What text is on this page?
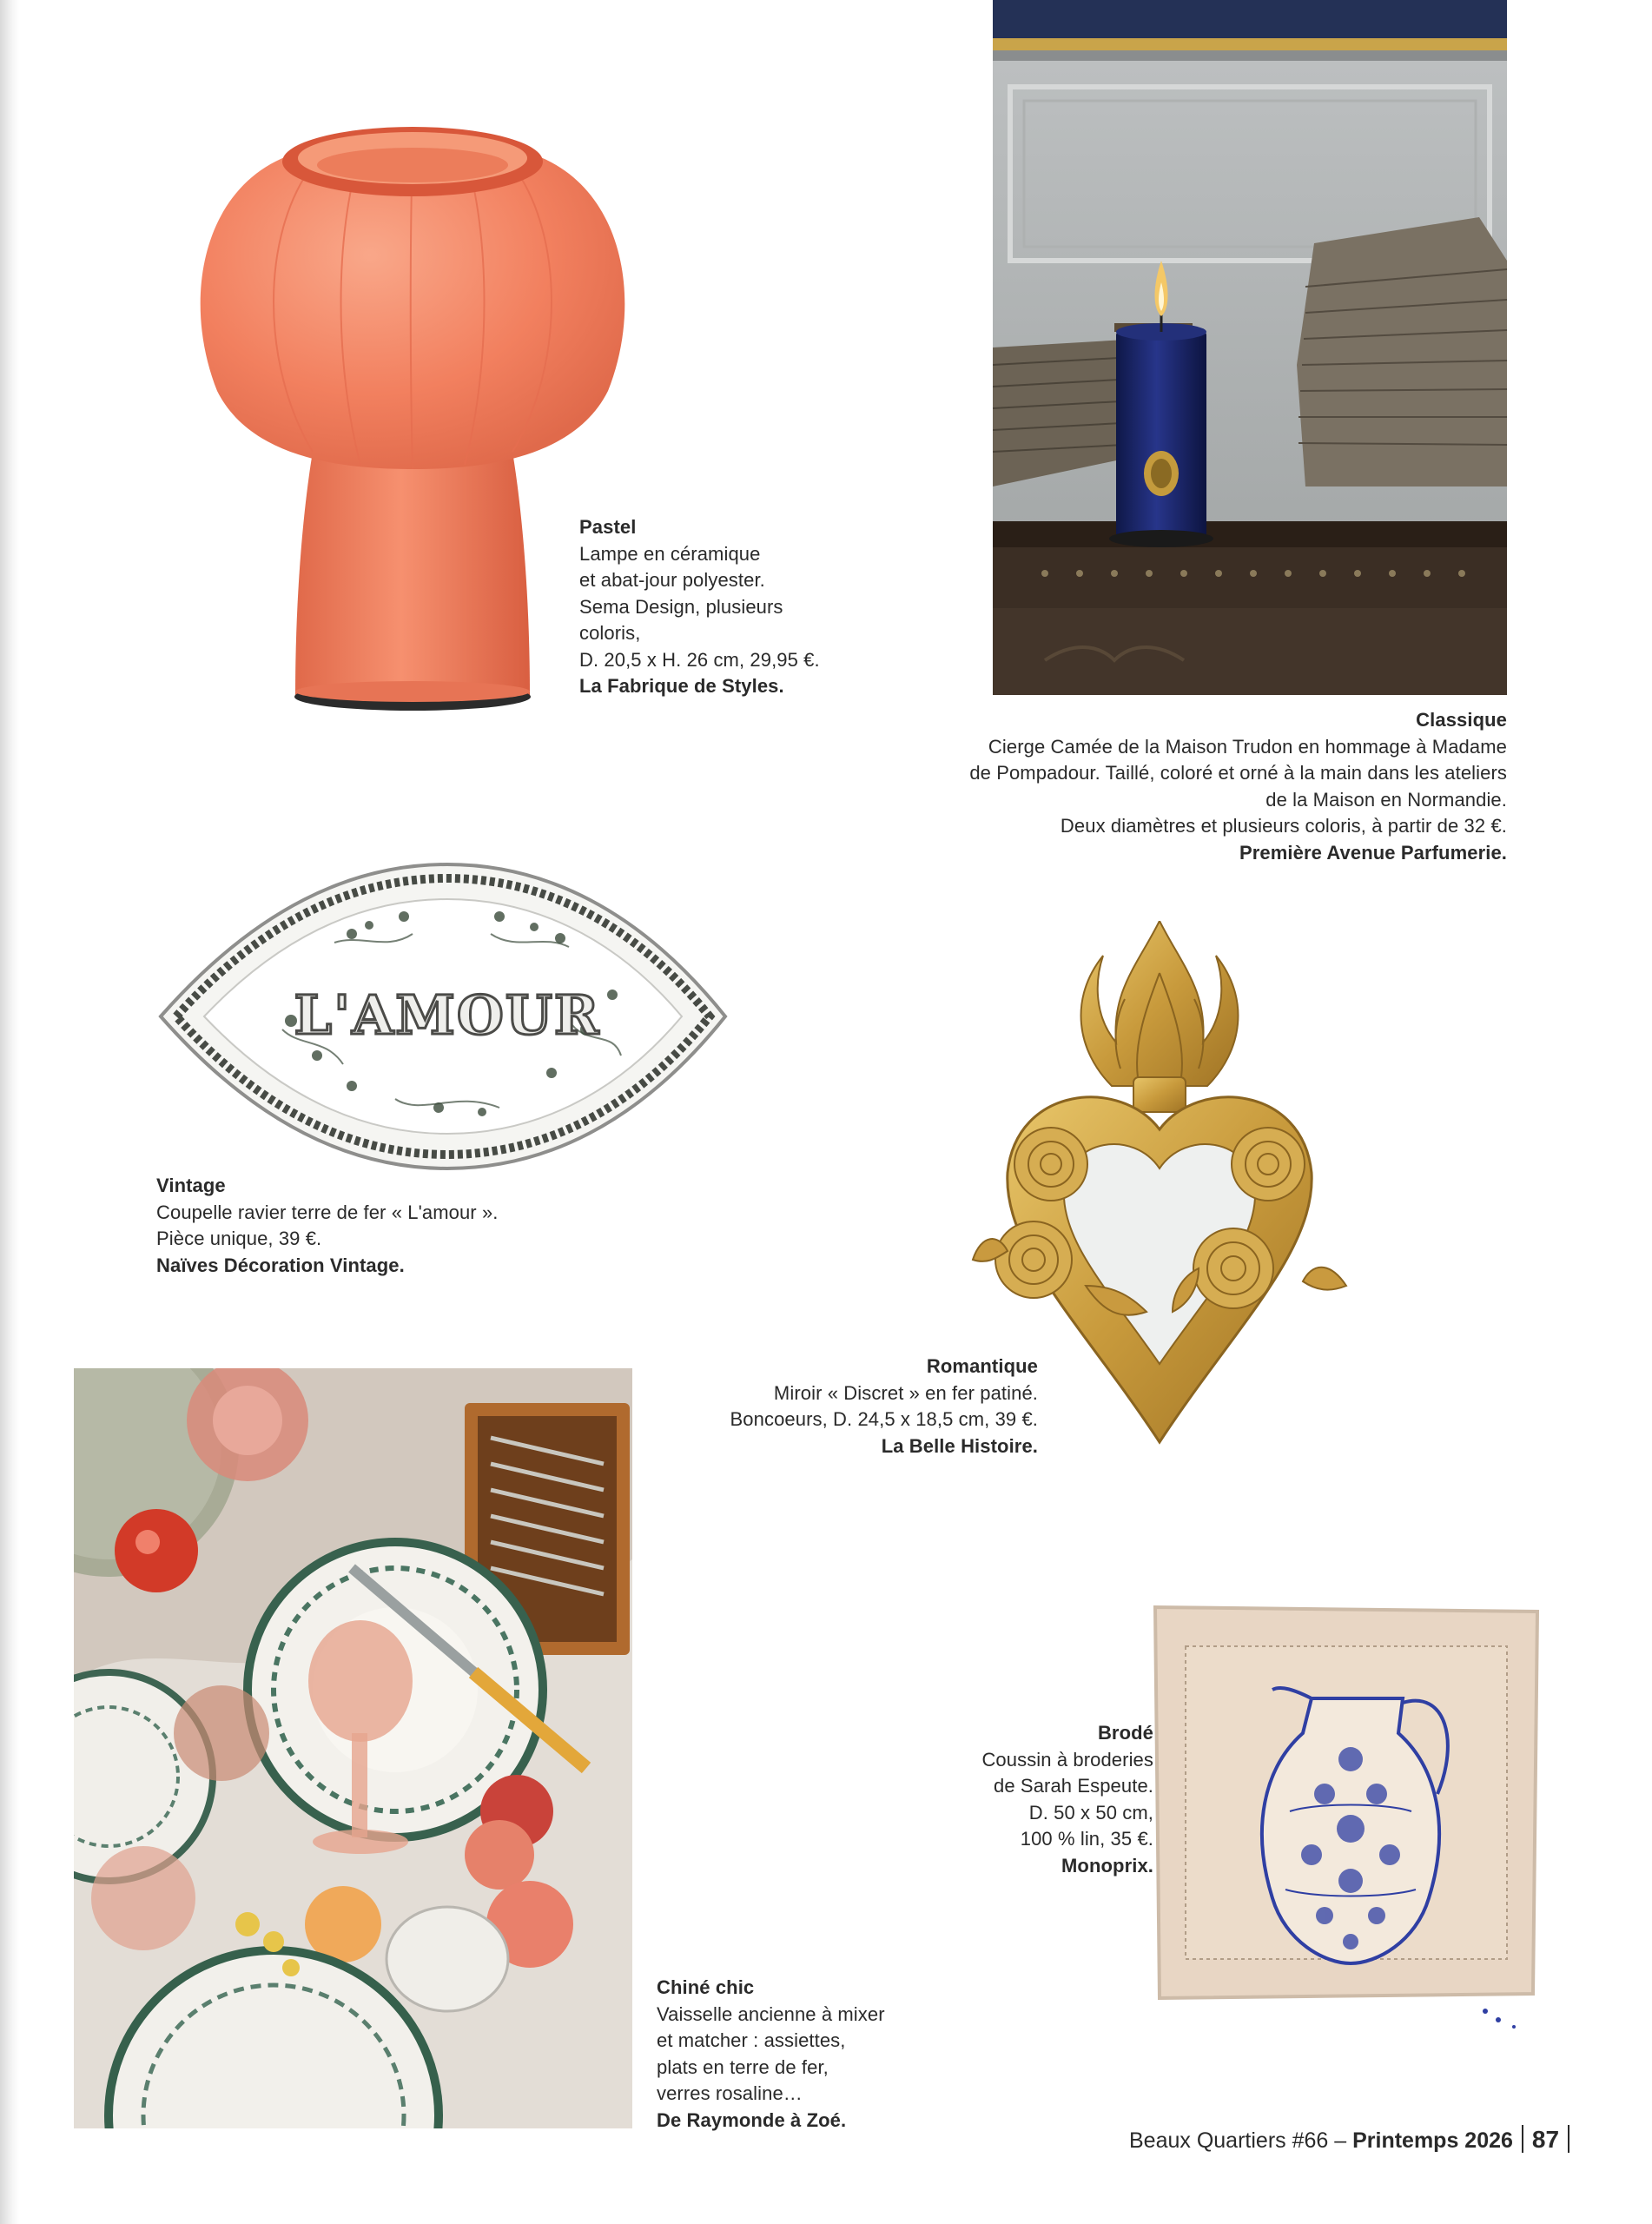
Pastel
Lampe en céramique
et abat-jour polyester.
Sema Design, plusieurs
coloris,
D. 20,5 x H. 26 cm, 29,95 €.
La Fabrique de Styles.
Classique
Cierge Camée de la Maison Trudon en hommage à Madame
de Pompadour. Taillé, coloré et orné à la main dans les ateliers
de la Maison en Normandie.
Deux diamètres et plusieurs coloris, à partir de 32 €.
Première Avenue Parfumerie.
L'AMOUR
Vintage
Coupelle ravier terre de fer « L'amour ».
Pièce unique, 39 €.
Naïves Décoration Vintage.
Romantique
Miroir « Discret » en fer patiné.
Boncoeurs, D. 24,5 x 18,5 cm, 39 €.
La Belle Histoire.
Chiné chic
Vaisselle ancienne à mixer
et matcher : assiettes,
plats en terre de fer,
verres rosaline…
De Raymonde à Zoé.
Brodé
Coussin à broderies
de Sarah Espeute.
D. 50 x 50 cm,
100 % lin, 35 €.
Monoprix.
Beaux Quartiers #66 – Printemps 2026 87
